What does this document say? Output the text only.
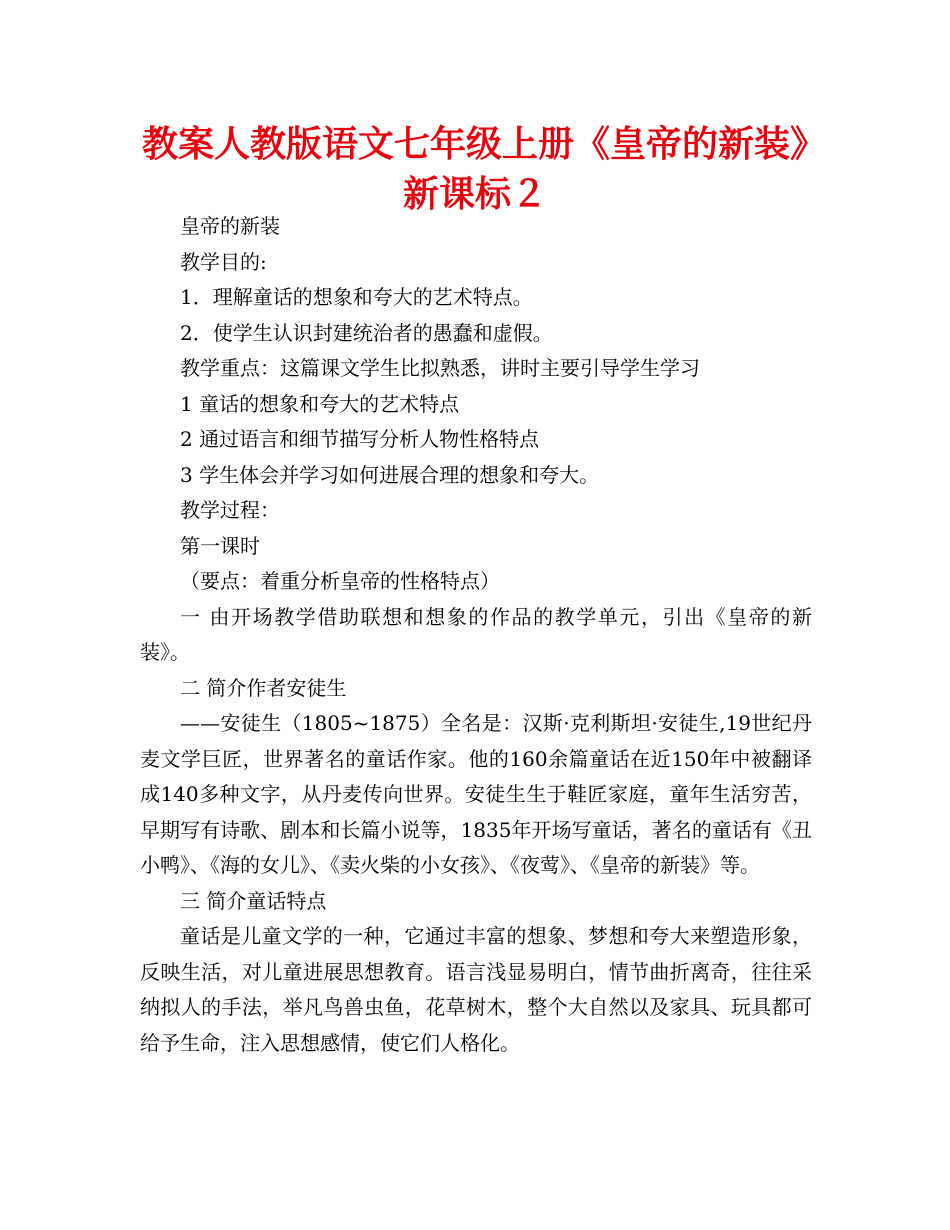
教案人教版语文七年级上册《皇帝的新装》新课标２

皇帝的新装

教学目的:

1．理解童话的想象和夸大的艺术特点。

2．使学生认识封建统治者的愚蠢和虚假。

教学重点：这篇课文学生比拟熟悉，讲时主要引导学生学习

1 童话的想象和夸大的艺术特点

2 通过语言和细节描写分析人物性格特点

3 学生体会并学习如何进展合理的想象和夸大。

教学过程：

第一课时

（要点：着重分析皇帝的性格特点）

一 由开场教学借助联想和想象的作品的教学单元，引出《皇帝的新装》。

二 简介作者安徒生

——安徒生（1805~1875）全名是：汉斯·克利斯坦·安徒生,19世纪丹麦文学巨匠，世界著名的童话作家。他的160余篇童话在近150年中被翻译成140多种文字，从丹麦传向世界。安徒生生于鞋匠家庭，童年生活穷苦，早期写有诗歌、剧本和长篇小说等，1835年开场写童话，著名的童话有《丑小鸭》、《海的女儿》、《卖火柴的小女孩》、《夜莺》、《皇帝的新装》等。

三 简介童话特点

童话是儿童文学的一种，它通过丰富的想象、梦想和夸大来塑造形象，反映生活，对儿童进展思想教育。语言浅显易明白，情节曲折离奇，往往采纳拟人的手法，举凡鸟兽虫鱼，花草树木，整个大自然以及家具、玩具都可给予生命，注入思想感情，使它们人格化。
